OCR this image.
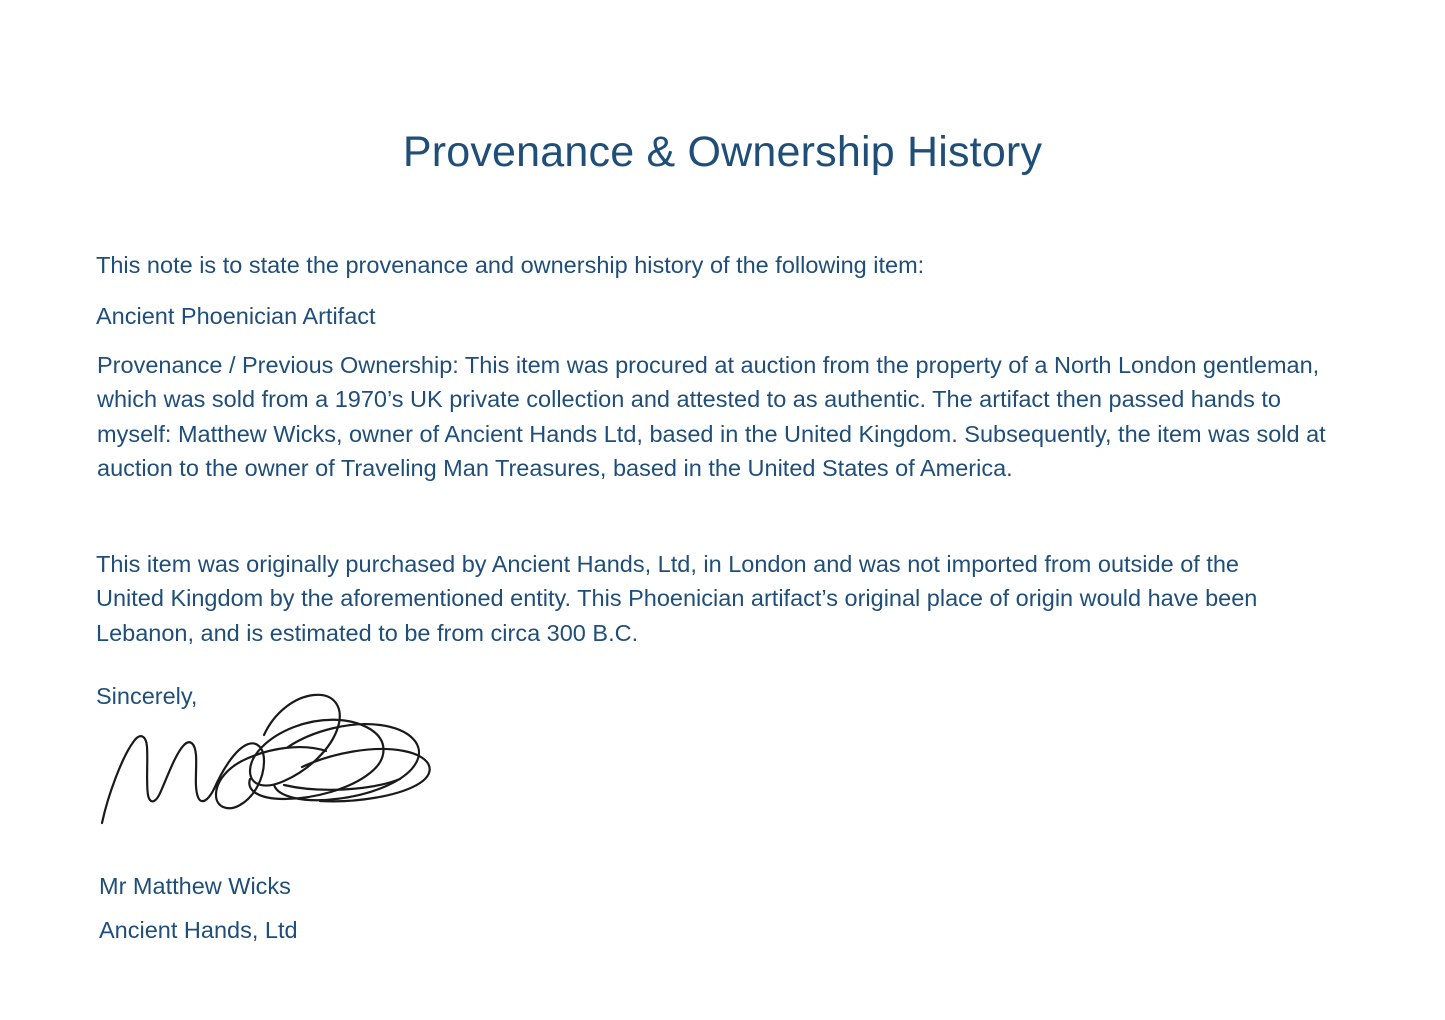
Provenance & Ownership History

This note is to state the provenance and ownership history of the following item:

Ancient Phoenician Artifact

Provenance / Previous Ownership: This item was procured at auction from the property of a North London gentleman, which was sold from a 1970’s UK private collection and attested to as authentic. The artifact then passed hands to myself: Matthew Wicks, owner of Ancient Hands Ltd, based in the United Kingdom. Subsequently, the item was sold at auction to the owner of Traveling Man Treasures, based in the United States of America.

This item was originally purchased by Ancient Hands, Ltd, in London and was not imported from outside of the United Kingdom by the aforementioned entity. This Phoenician artifact’s original place of origin would have been Lebanon, and is estimated to be from circa 300 B.C.

Sincerely,

Mr Matthew Wicks

Ancient Hands, Ltd
